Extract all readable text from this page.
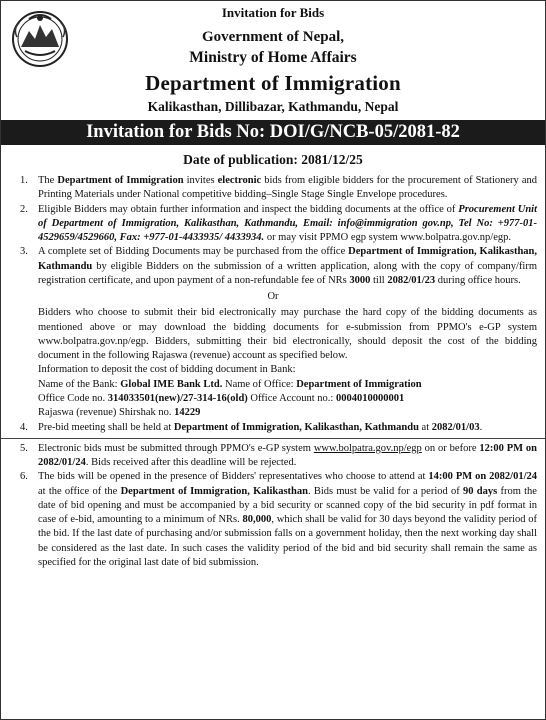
Invitation for Bids
Government of Nepal,
Ministry of Home Affairs
Department of Immigration
Kalikasthan, Dillibazar, Kathmandu, Nepal
Invitation for Bids No: DOI/G/NCB-05/2081-82
Date of publication: 2081/12/25
1. The Department of Immigration invites electronic bids from eligible bidders for the procurement of Stationery and Printing Materials under National competitive bidding–Single Stage Single Envelope procedures.
2. Eligible Bidders may obtain further information and inspect the bidding documents at the office of Procurement Unit of Department of Immigration, Kalikasthan, Kathmandu, Email: info@immigration gov.np, Tel No: +977-01-4529659/4529660, Fax: +977-01-4433935/ 4433934. or may visit PPMO egp system www.bolpatra.gov.np/egp.
3. A complete set of Bidding Documents may be purchased from the office Department of Immigration, Kalikasthan, Kathmandu by eligible Bidders on the submission of a written application, along with the copy of company/firm registration certificate, and upon payment of a non-refundable fee of NRs 3000 till 2082/01/23 during office hours.
Or
Bidders who choose to submit their bid electronically may purchase the hard copy of the bidding documents as mentioned above or may download the bidding documents for e-submission from PPMO's e-GP system www.bolpatra.gov.np/egp. Bidders, submitting their bid electronically, should deposit the cost of the bidding document in the following Rajaswa (revenue) account as specified below.
Information to deposit the cost of bidding document in Bank:
Name of the Bank: Global IME Bank Ltd. Name of Office: Department of Immigration
Office Code no. 314033501(new)/27-314-16(old) Office Account no.: 0004010000001
Rajaswa (revenue) Shirshak no. 14229
4. Pre-bid meeting shall be held at Department of Immigration, Kalikasthan, Kathmandu at 2082/01/03.
5. Electronic bids must be submitted through PPMO's e-GP system www.bolpatra.gov.np/egp on or before 12:00 PM on 2082/01/24. Bids received after this deadline will be rejected.
6. The bids will be opened in the presence of Bidders' representatives who choose to attend at 14:00 PM on 2082/01/24 at the office of the Department of Immigration, Kalikasthan. Bids must be valid for a period of 90 days from the date of bid opening and must be accompanied by a bid security or scanned copy of the bid security in pdf format in case of e-bid, amounting to a minimum of NRs. 80,000, which shall be valid for 30 days beyond the validity period of the bid. If the last date of purchasing and/or submission falls on a government holiday, then the next working day shall be considered as the last date. In such cases the validity period of the bid and bid security shall remain the same as specified for the original last date of bid submission.
